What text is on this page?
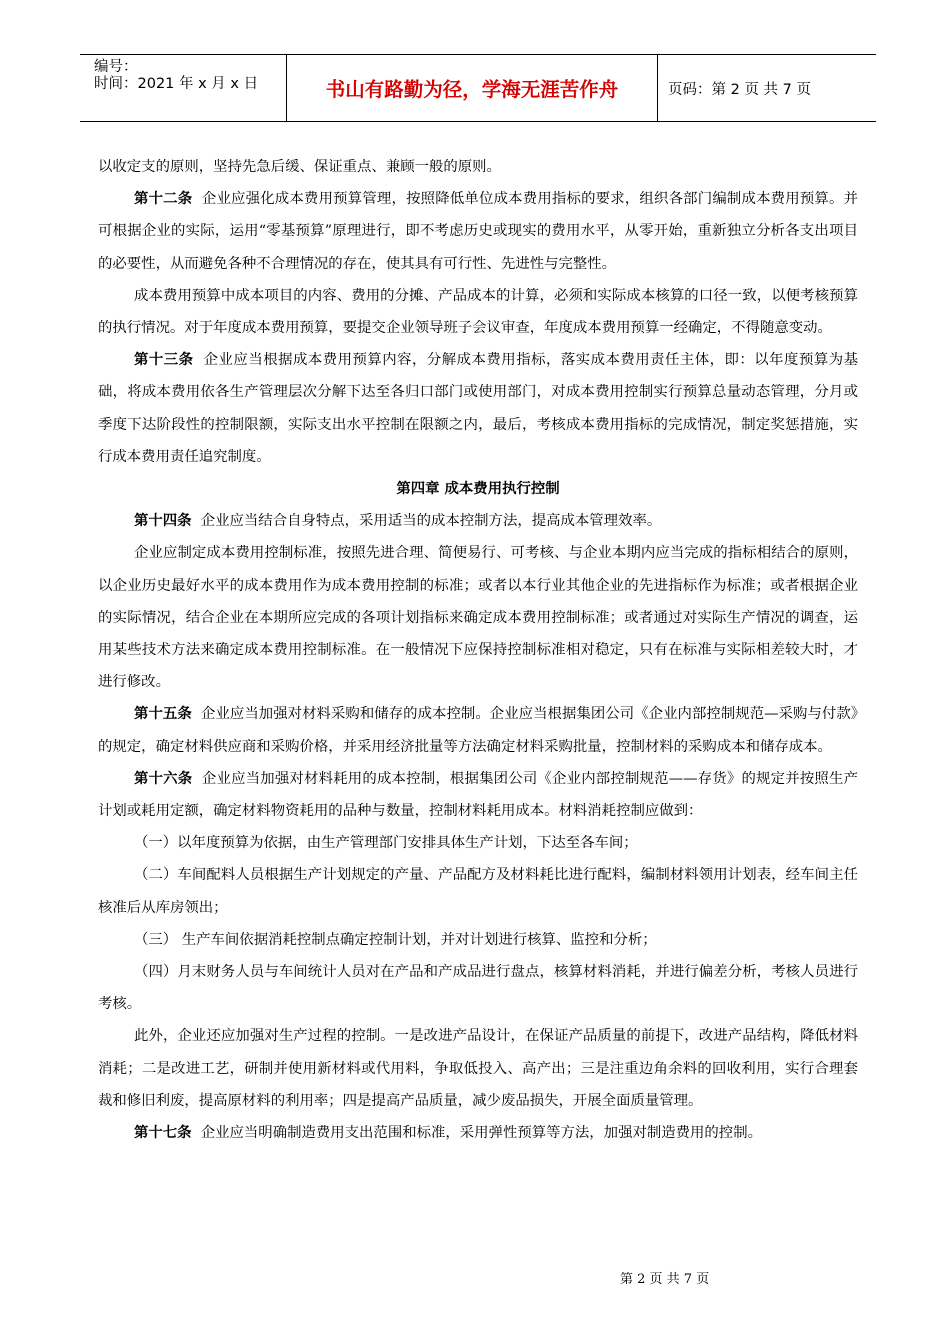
编号：
时间：2021 年 x 月 x 日	书山有路勤为径，学海无涯苦作舟	页码：第 2 页 共 7 页

以收定支的原则，坚持先急后缓、保证重点、兼顾一般的原则。

第十二条 企业应强化成本费用预算管理，按照降低单位成本费用指标的要求，组织各部门编制成本费用预算。并可根据企业的实际，运用“零基预算”原理进行，即不考虑历史或现实的费用水平，从零开始，重新独立分析各支出项目的必要性，从而避免各种不合理情况的存在，使其具有可行性、先进性与完整性。

成本费用预算中成本项目的内容、费用的分摊、产品成本的计算，必须和实际成本核算的口径一致，以便考核预算的执行情况。对于年度成本费用预算，要提交企业领导班子会议审查，年度成本费用预算一经确定，不得随意变动。

第十三条 企业应当根据成本费用预算内容，分解成本费用指标，落实成本费用责任主体，即：以年度预算为基础，将成本费用依各生产管理层次分解下达至各归口部门或使用部门，对成本费用控制实行预算总量动态管理，分月或季度下达阶段性的控制限额，实际支出水平控制在限额之内，最后，考核成本费用指标的完成情况，制定奖惩措施，实行成本费用责任追究制度。

第四章 成本费用执行控制

第十四条 企业应当结合自身特点，采用适当的成本控制方法，提高成本管理效率。

企业应制定成本费用控制标准，按照先进合理、简便易行、可考核、与企业本期内应当完成的指标相结合的原则，以企业历史最好水平的成本费用作为成本费用控制的标准；或者以本行业其他企业的先进指标作为标准；或者根据企业的实际情况，结合企业在本期所应完成的各项计划指标来确定成本费用控制标准；或者通过对实际生产情况的调查，运用某些技术方法来确定成本费用控制标准。在一般情况下应保持控制标准相对稳定，只有在标准与实际相差较大时，才进行修改。

第十五条 企业应当加强对材料采购和储存的成本控制。企业应当根据集团公司《企业内部控制规范—采购与付款》的规定，确定材料供应商和采购价格，并采用经济批量等方法确定材料采购批量，控制材料的采购成本和储存成本。

第十六条 企业应当加强对材料耗用的成本控制，根据集团公司《企业内部控制规范——存货》的规定并按照生产计划或耗用定额，确定材料物资耗用的品种与数量，控制材料耗用成本。材料消耗控制应做到：

（一）以年度预算为依据，由生产管理部门安排具体生产计划，下达至各车间；

（二）车间配料人员根据生产计划规定的产量、产品配方及材料耗比进行配料，编制材料领用计划表，经车间主任核准后从库房领出；

（三） 生产车间依据消耗控制点确定控制计划，并对计划进行核算、监控和分析；

（四）月末财务人员与车间统计人员对在产品和产成品进行盘点，核算材料消耗，并进行偏差分析，考核人员进行考核。

此外，企业还应加强对生产过程的控制。一是改进产品设计，在保证产品质量的前提下，改进产品结构，降低材料消耗；二是改进工艺，研制并使用新材料或代用料，争取低投入、高产出；三是注重边角余料的回收利用，实行合理套裁和修旧利废，提高原材料的利用率；四是提高产品质量，减少废品损失，开展全面质量管理。

第十七条 企业应当明确制造费用支出范围和标准，采用弹性预算等方法，加强对制造费用的控制。

第 2 页 共 7 页
